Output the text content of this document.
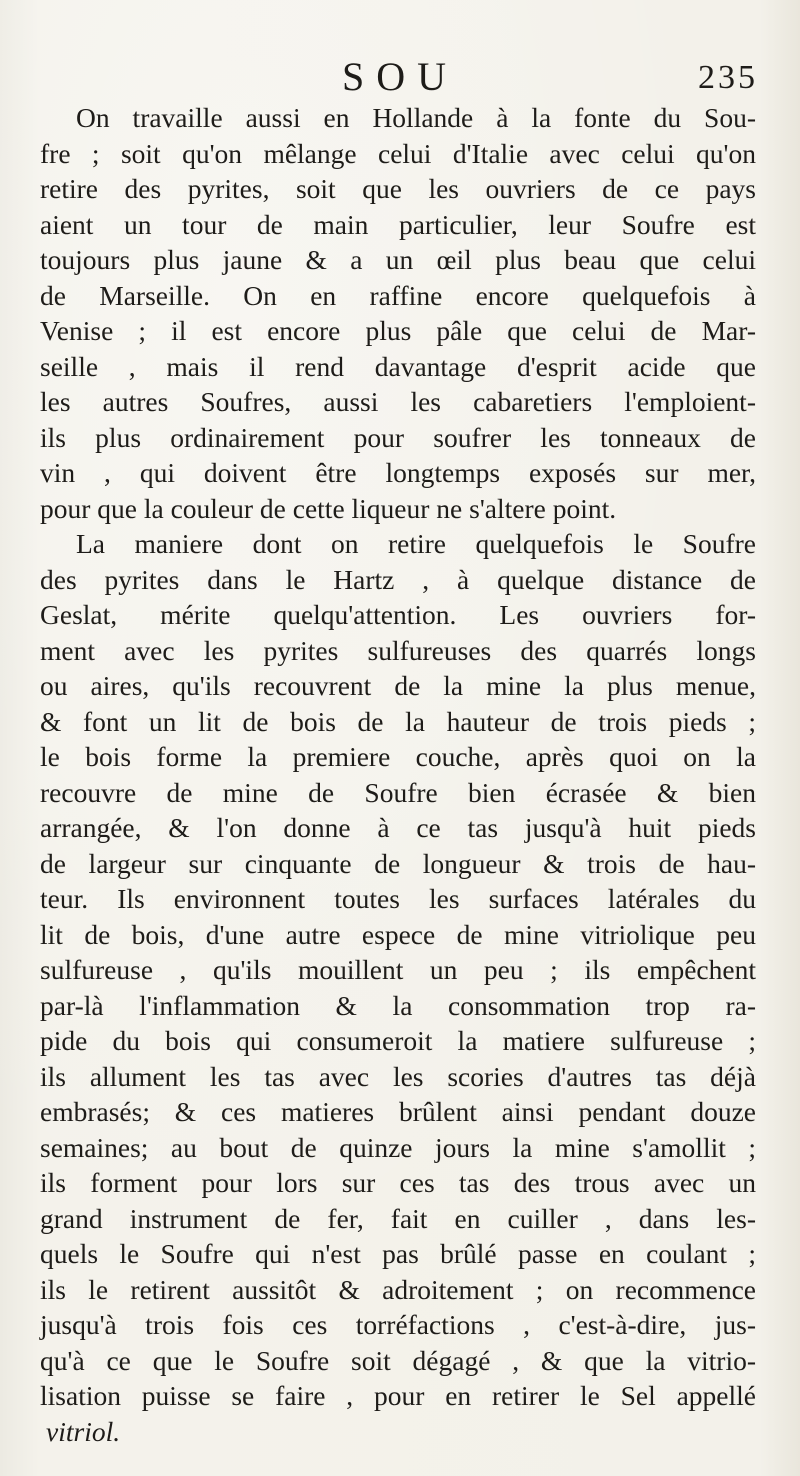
SOU	235
On travaille aussi en Hollande à la fonte du Sou-
fre ; soit qu'on mêlange celui d'Italie avec celui qu'on
retire des pyrites, soit que les ouvriers de ce pays
aient un tour de main particulier, leur Soufre est
toujours plus jaune & a un œil plus beau que celui
de Marseille. On en raffine encore quelquefois à
Venise ; il est encore plus pâle que celui de Mar-
seille , mais il rend davantage d'esprit acide que
les autres Soufres, aussi les cabaretiers l'emploient-
ils plus ordinairement pour soufrer les tonneaux de
vin , qui doivent être longtemps exposés sur mer,
pour que la couleur de cette liqueur ne s'altere point.
La maniere dont on retire quelquefois le Soufre
des pyrites dans le Hartz , à quelque distance de
Geslat, mérite quelqu'attention. Les ouvriers for-
ment avec les pyrites sulfureuses des quarrés longs
ou aires, qu'ils recouvrent de la mine la plus menue,
& font un lit de bois de la hauteur de trois pieds ;
le bois forme la premiere couche, après quoi on la
recouvre de mine de Soufre bien écrasée & bien
arrangée, & l'on donne à ce tas jusqu'à huit pieds
de largeur sur cinquante de longueur & trois de hau-
teur. Ils environnent toutes les surfaces latérales du
lit de bois, d'une autre espece de mine vitriolique peu
sulfureuse , qu'ils mouillent un peu ; ils empêchent
par-là l'inflammation & la consommation trop ra-
pide du bois qui consumeroit la matiere sulfureuse ;
ils allument les tas avec les scories d'autres tas déjà
embrasés; & ces matieres brûlent ainsi pendant douze
semaines; au bout de quinze jours la mine s'amollit ;
ils forment pour lors sur ces tas des trous avec un
grand instrument de fer, fait en cuiller , dans les-
quels le Soufre qui n'est pas brûlé passe en coulant ;
ils le retirent aussitôt & adroitement ; on recommence
jusqu'à trois fois ces torréfactions , c'est-à-dire, jus-
qu'à ce que le Soufre soit dégagé , & que la vitrio-
lisation puisse se faire , pour en retirer le Sel appellé
vitriol.
